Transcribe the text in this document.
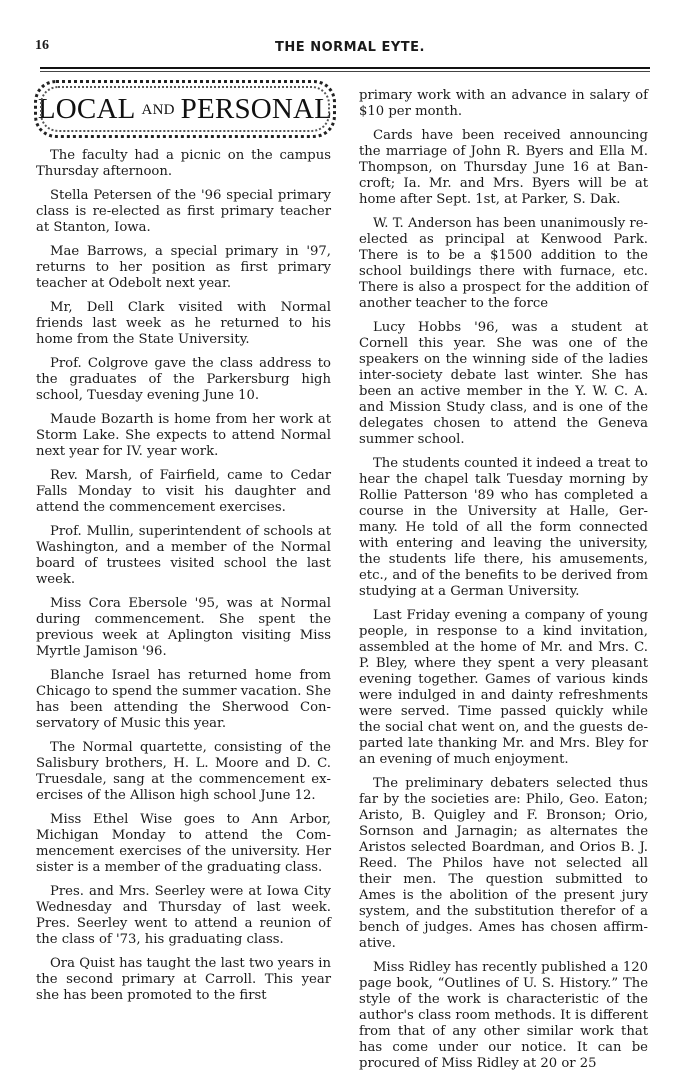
16	THE NORMAL EYTE.
LOCAL AND PERSONAL

The faculty had a picnic on the campus Thursday afternoon.

Stella Petersen of the '96 special primary class is re-elected as first primary teacher at Stanton, Iowa.

Mae Barrows, a special primary in '97, returns to her position as first primary teacher at Odebolt next year.

Mr, Dell Clark visited with Normal friends last week as he returned to his home from the State University.

Prof. Colgrove gave the class address to the graduates of the Parkersburg high school, Tuesday evening June 10.

Maude Bozarth is home from her work at Storm Lake. She expects to attend Normal next year for IV. year work.

Rev. Marsh, of Fairfield, came to Cedar Falls Monday to visit his daughter and attend the commencement exercises.

Prof. Mullin, superintendent of schools at Washington, and a member of the Normal board of trustees visited school the last week.

Miss Cora Ebersole '95, was at Normal during commencement. She spent the previous week at Aplington visiting Miss Myrtle Jamison '96.

Blanche Israel has returned home from Chicago to spend the summer vacation. She has been attending the Sherwood Conservatory of Music this year.

The Normal quartette, consisting of the Salisbury brothers, H. L. Moore and D. C. Truesdale, sang at the commencement exercises of the Allison high school June 12.

Miss Ethel Wise goes to Ann Arbor, Michigan Monday to attend the Commencement exercises of the university. Her sister is a member of the graduating class.

Pres. and Mrs. Seerley were at Iowa City Wednesday and Thursday of last week. Pres. Seerley went to attend a reunion of the class of '73, his graduating class.

Ora Quist has taught the last two years in the second primary at Carroll. This year she has been promoted to the first

primary work with an advance in salary of $10 per month.

Cards have been received announcing the marriage of John R. Byers and Ella M. Thompson, on Thursday June 16 at Bancroft; Ia. Mr. and Mrs. Byers will be at home after Sept. 1st, at Parker, S. Dak.

W. T. Anderson has been unanimously re-elected as principal at Kenwood Park. There is to be a $1500 addition to the school buildings there with furnace, etc. There is also a prospect for the addition of another teacher to the force

Lucy Hobbs '96, was a student at Cornell this year. She was one of the speakers on the winning side of the ladies inter-society debate last winter. She has been an active member in the Y. W. C. A. and Mission Study class, and is one of the delegates chosen to attend the Geneva summer school.

The students counted it indeed a treat to hear the chapel talk Tuesday morning by Rollie Patterson '89 who has completed a course in the University at Halle, Germany. He told of all the form connected with entering and leaving the university, the students life there, his amusements, etc., and of the benefits to be derived from studying at a German University.

Last Friday evening a company of young people, in response to a kind invitation, assembled at the home of Mr. and Mrs. C. P. Bley, where they spent a very pleasant evening together. Games of various kinds were indulged in and dainty refreshments were served. Time passed quickly while the social chat went on, and the guests departed late thanking Mr. and Mrs. Bley for an evening of much enjoyment.

The preliminary debaters selected thus far by the societies are: Philo, Geo. Eaton; Aristo, B. Quigley and F. Bronson; Orio, Sornson and Jarnagin; as alternates the Aristos selected Boardman, and Orios B. J. Reed. The Philos have not selected all their men. The question submitted to Ames is the abolition of the present jury system, and the substitution therefor of a bench of judges. Ames has chosen affirmative.

Miss Ridley has recently published a 120 page book, “Outlines of U. S. History.” The style of the work is characteristic of the author's class room methods. It is different from that of any other similar work that has come under our notice. It can be procured of Miss Ridley at 20 or 25
